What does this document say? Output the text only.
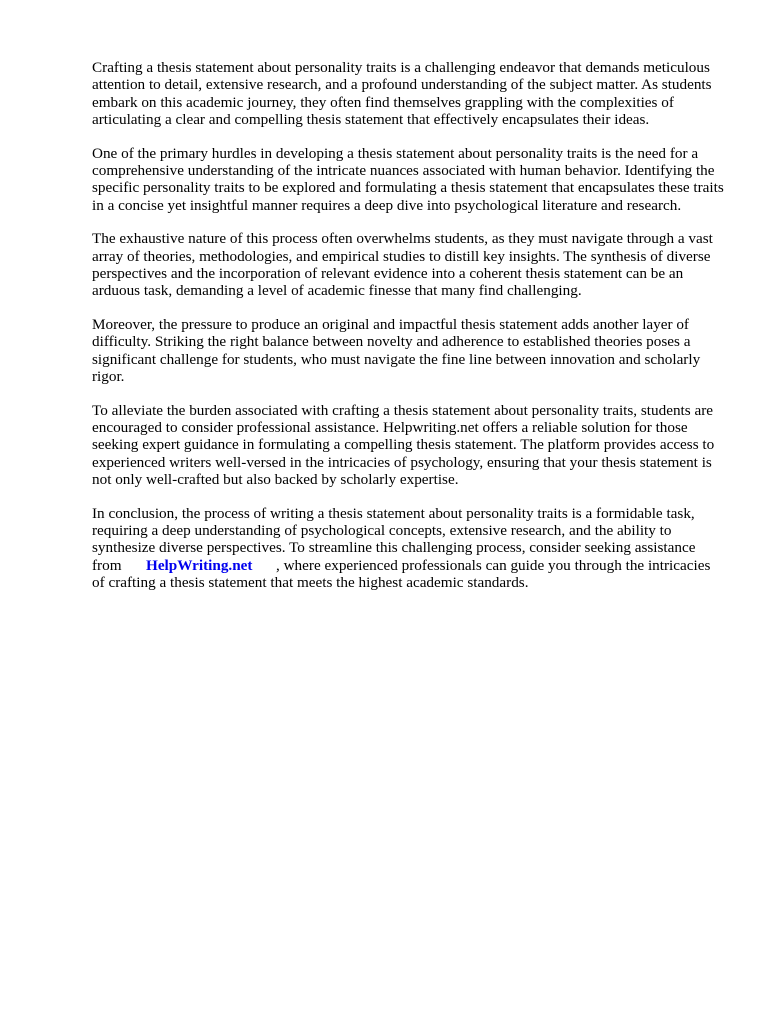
Crafting a thesis statement about personality traits is a challenging endeavor that demands meticulous attention to detail, extensive research, and a profound understanding of the subject matter. As students embark on this academic journey, they often find themselves grappling with the complexities of articulating a clear and compelling thesis statement that effectively encapsulates their ideas.

One of the primary hurdles in developing a thesis statement about personality traits is the need for a comprehensive understanding of the intricate nuances associated with human behavior. Identifying the specific personality traits to be explored and formulating a thesis statement that encapsulates these traits in a concise yet insightful manner requires a deep dive into psychological literature and research.

The exhaustive nature of this process often overwhelms students, as they must navigate through a vast array of theories, methodologies, and empirical studies to distill key insights. The synthesis of diverse perspectives and the incorporation of relevant evidence into a coherent thesis statement can be an arduous task, demanding a level of academic finesse that many find challenging.

Moreover, the pressure to produce an original and impactful thesis statement adds another layer of difficulty. Striking the right balance between novelty and adherence to established theories poses a significant challenge for students, who must navigate the fine line between innovation and scholarly rigor.

To alleviate the burden associated with crafting a thesis statement about personality traits, students are encouraged to consider professional assistance. Helpwriting.net offers a reliable solution for those seeking expert guidance in formulating a compelling thesis statement. The platform provides access to experienced writers well-versed in the intricacies of psychology, ensuring that your thesis statement is not only well-crafted but also backed by scholarly expertise.

In conclusion, the process of writing a thesis statement about personality traits is a formidable task, requiring a deep understanding of psychological concepts, extensive research, and the ability to synthesize diverse perspectives. To streamline this challenging process, consider seeking assistance from HelpWriting.net , where experienced professionals can guide you through the intricacies of crafting a thesis statement that meets the highest academic standards.
